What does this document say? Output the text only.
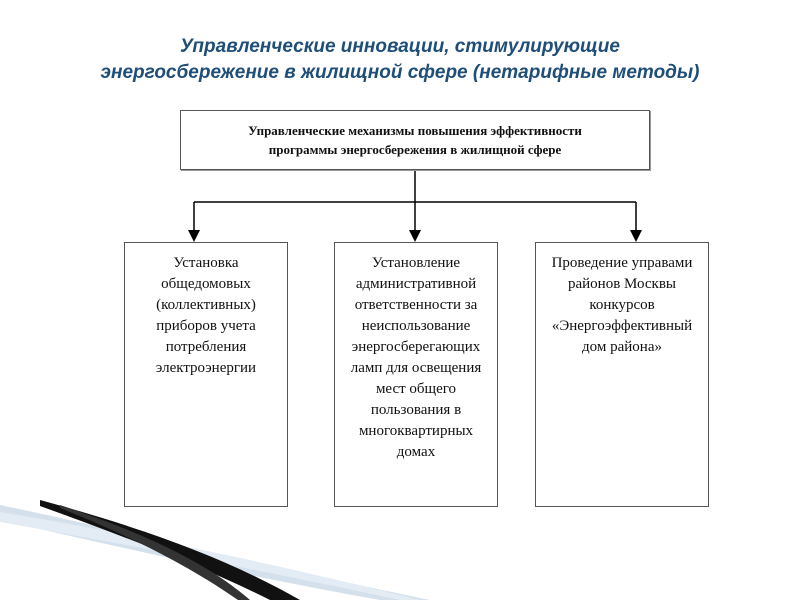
Управленческие инновации, стимулирующие
энергосбережение в жилищной сфере (нетарифные методы)
Управленческие механизмы повышения эффективности
программы энергосбережения в жилищной сфере
Установка
общедомовых
(коллективных)
приборов учета
потребления
электроэнергии
Установление
административной
ответственности за
неиспользование
энергосберегающих
ламп для освещения
мест общего
пользования в
многоквартирных
домах
Проведение управами
районов Москвы
конкурсов
«Энергоэффективный
дом района»
